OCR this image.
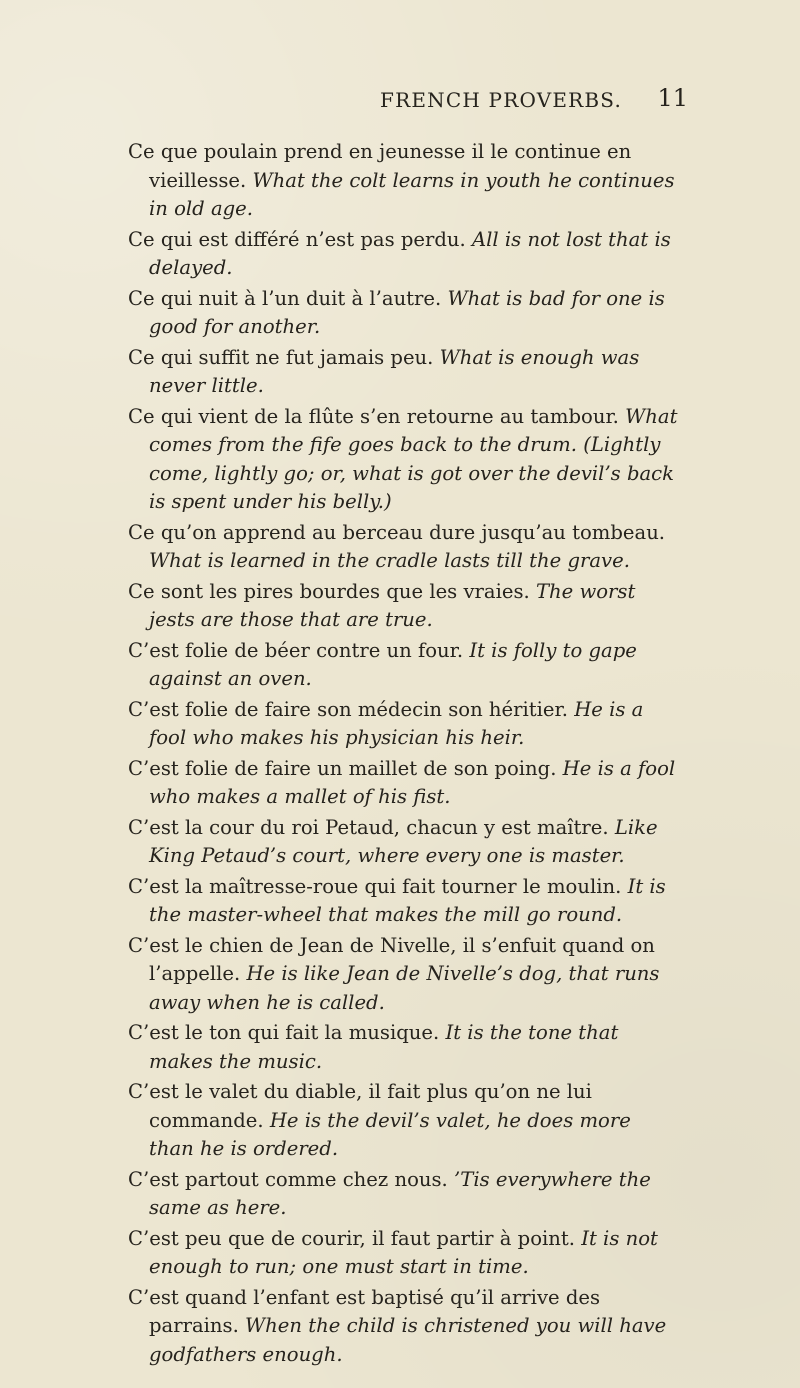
FRENCH PROVERBS. 11

Ce que poulain prend en jeunesse il le continue en vieillesse. What the colt learns in youth he continues in old age.

Ce qui est différé n’est pas perdu. All is not lost that is delayed.

Ce qui nuit à l’un duit à l’autre. What is bad for one is good for another.

Ce qui suffit ne fut jamais peu. What is enough was never little.

Ce qui vient de la flûte s’en retourne au tambour. What comes from the fife goes back to the drum. (Lightly come, lightly go; or, what is got over the devil’s back is spent under his belly.)

Ce qu’on apprend au berceau dure jusqu’au tombeau. What is learned in the cradle lasts till the grave.

Ce sont les pires bourdes que les vraies. The worst jests are those that are true.

C’est folie de béer contre un four. It is folly to gape against an oven.

C’est folie de faire son médecin son héritier. He is a fool who makes his physician his heir.

C’est folie de faire un maillet de son poing. He is a fool who makes a mallet of his fist.

C’est la cour du roi Petaud, chacun y est maître. Like King Petaud’s court, where every one is master.

C’est la maîtresse-roue qui fait tourner le moulin. It is the master-wheel that makes the mill go round.

C’est le chien de Jean de Nivelle, il s’enfuit quand on l’appelle. He is like Jean de Nivelle’s dog, that runs away when he is called.

C’est le ton qui fait la musique. It is the tone that makes the music.

C’est le valet du diable, il fait plus qu’on ne lui commande. He is the devil’s valet, he does more than he is ordered.

C’est partout comme chez nous. ’Tis everywhere the same as here.

C’est peu que de courir, il faut partir à point. It is not enough to run; one must start in time.

C’est quand l’enfant est baptisé qu’il arrive des parrains. When the child is christened you will have godfathers enough.
